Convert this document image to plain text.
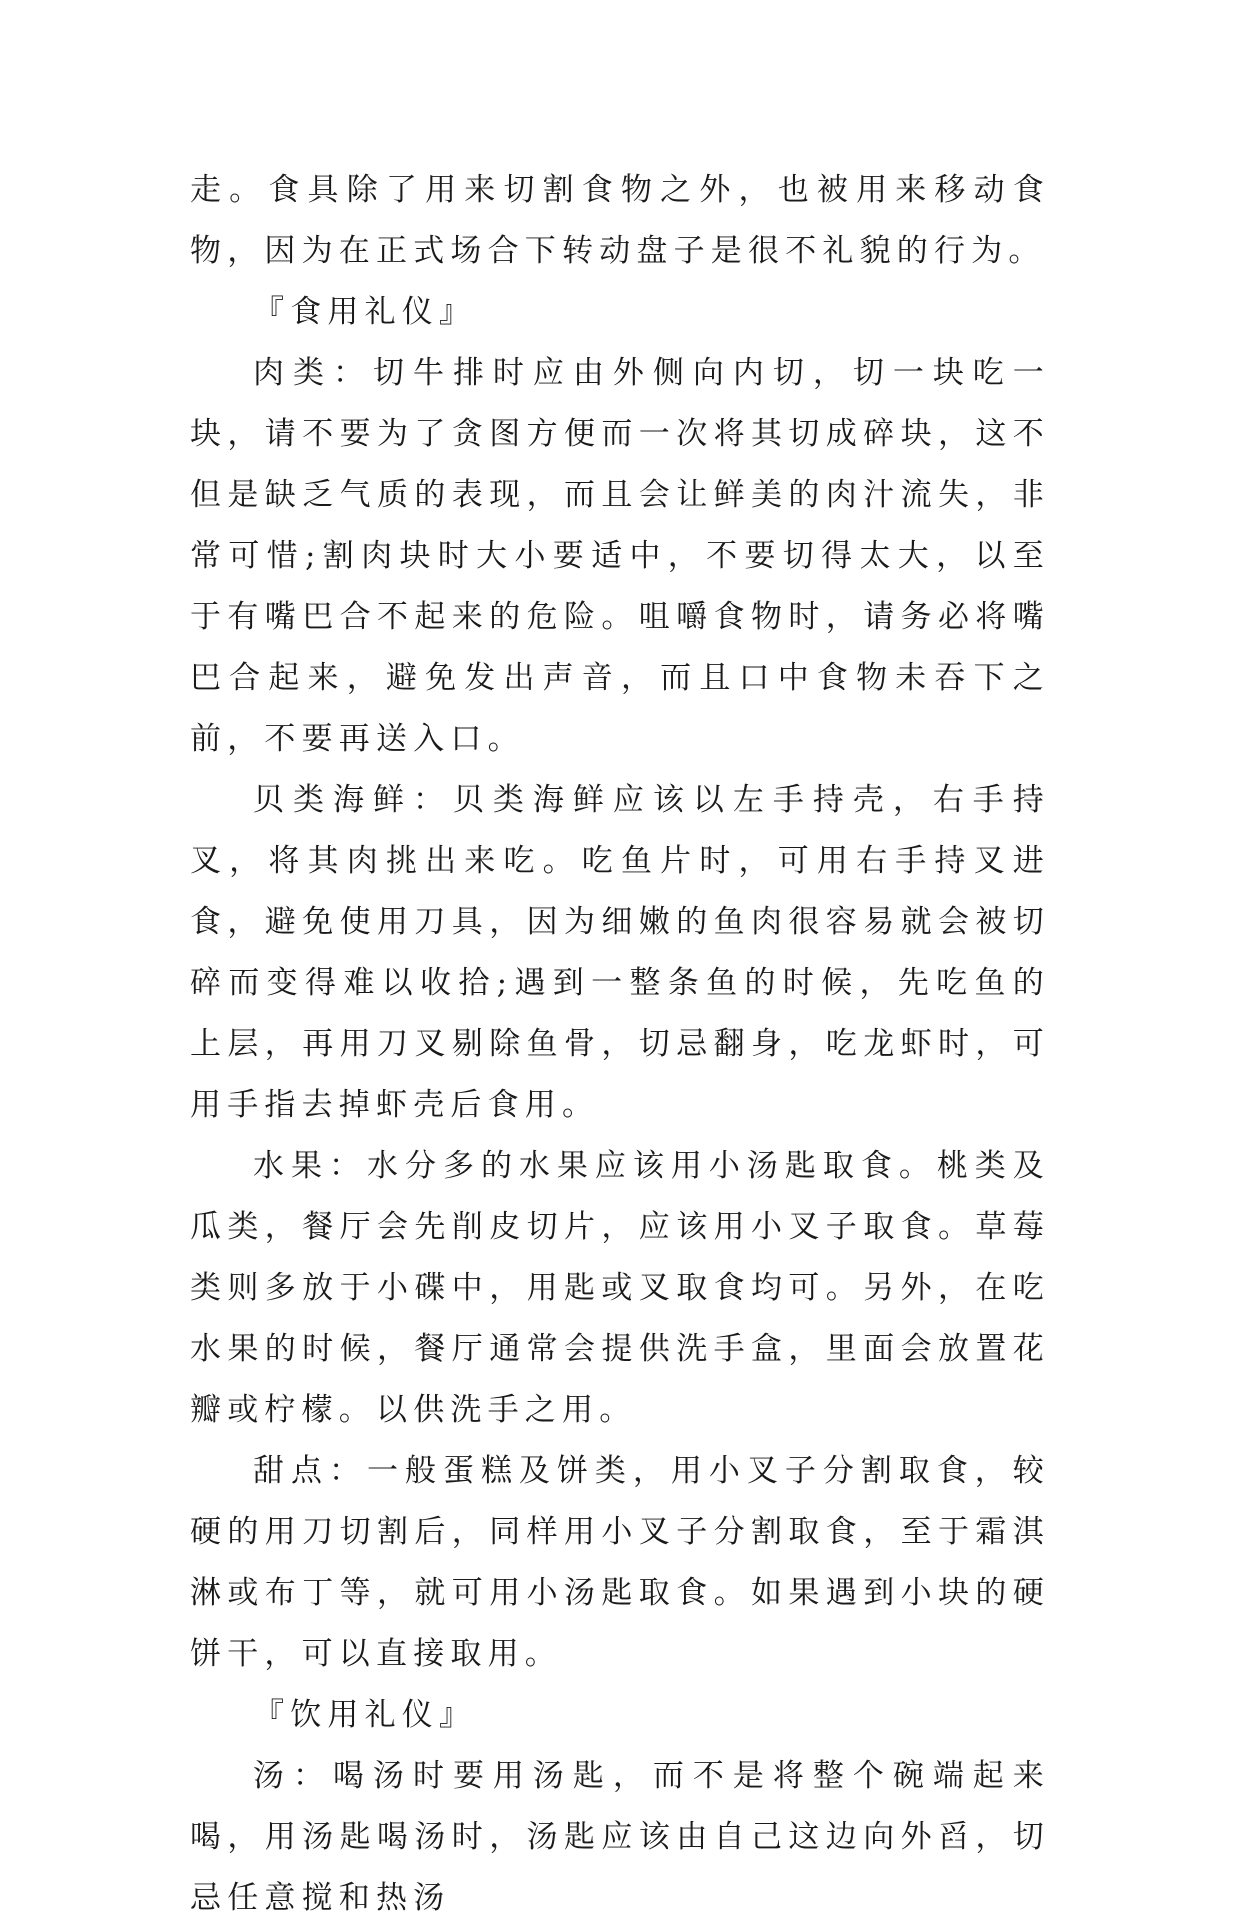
走。食具除了用来切割食物之外，也被用来移动食物，因为在正式场合下转动盘子是很不礼貌的行为。

『食用礼仪』

肉类：切牛排时应由外侧向内切，切一块吃一块，请不要为了贪图方便而一次将其切成碎块，这不但是缺乏气质的表现，而且会让鲜美的肉汁流失，非常可惜;割肉块时大小要适中，不要切得太大，以至于有嘴巴合不起来的危险。咀嚼食物时，请务必将嘴巴合起来，避免发出声音，而且口中食物未吞下之前，不要再送入口。

贝类海鲜：贝类海鲜应该以左手持壳，右手持叉，将其肉挑出来吃。吃鱼片时，可用右手持叉进食，避免使用刀具，因为细嫩的鱼肉很容易就会被切碎而变得难以收拾;遇到一整条鱼的时候，先吃鱼的上层，再用刀叉剔除鱼骨，切忌翻身，吃龙虾时，可用手指去掉虾壳后食用。

水果：水分多的水果应该用小汤匙取食。桃类及瓜类，餐厅会先削皮切片，应该用小叉子取食。草莓类则多放于小碟中，用匙或叉取食均可。另外，在吃水果的时候，餐厅通常会提供洗手盒，里面会放置花瓣或柠檬。以供洗手之用。

甜点：一般蛋糕及饼类，用小叉子分割取食，较硬的用刀切割后，同样用小叉子分割取食，至于霜淇淋或布丁等，就可用小汤匙取食。如果遇到小块的硬饼干，可以直接取用。

『饮用礼仪』

汤：喝汤时要用汤匙，而不是将整个碗端起来喝，用汤匙喝汤时，汤匙应该由自己这边向外舀，切忌任意搅和热汤
